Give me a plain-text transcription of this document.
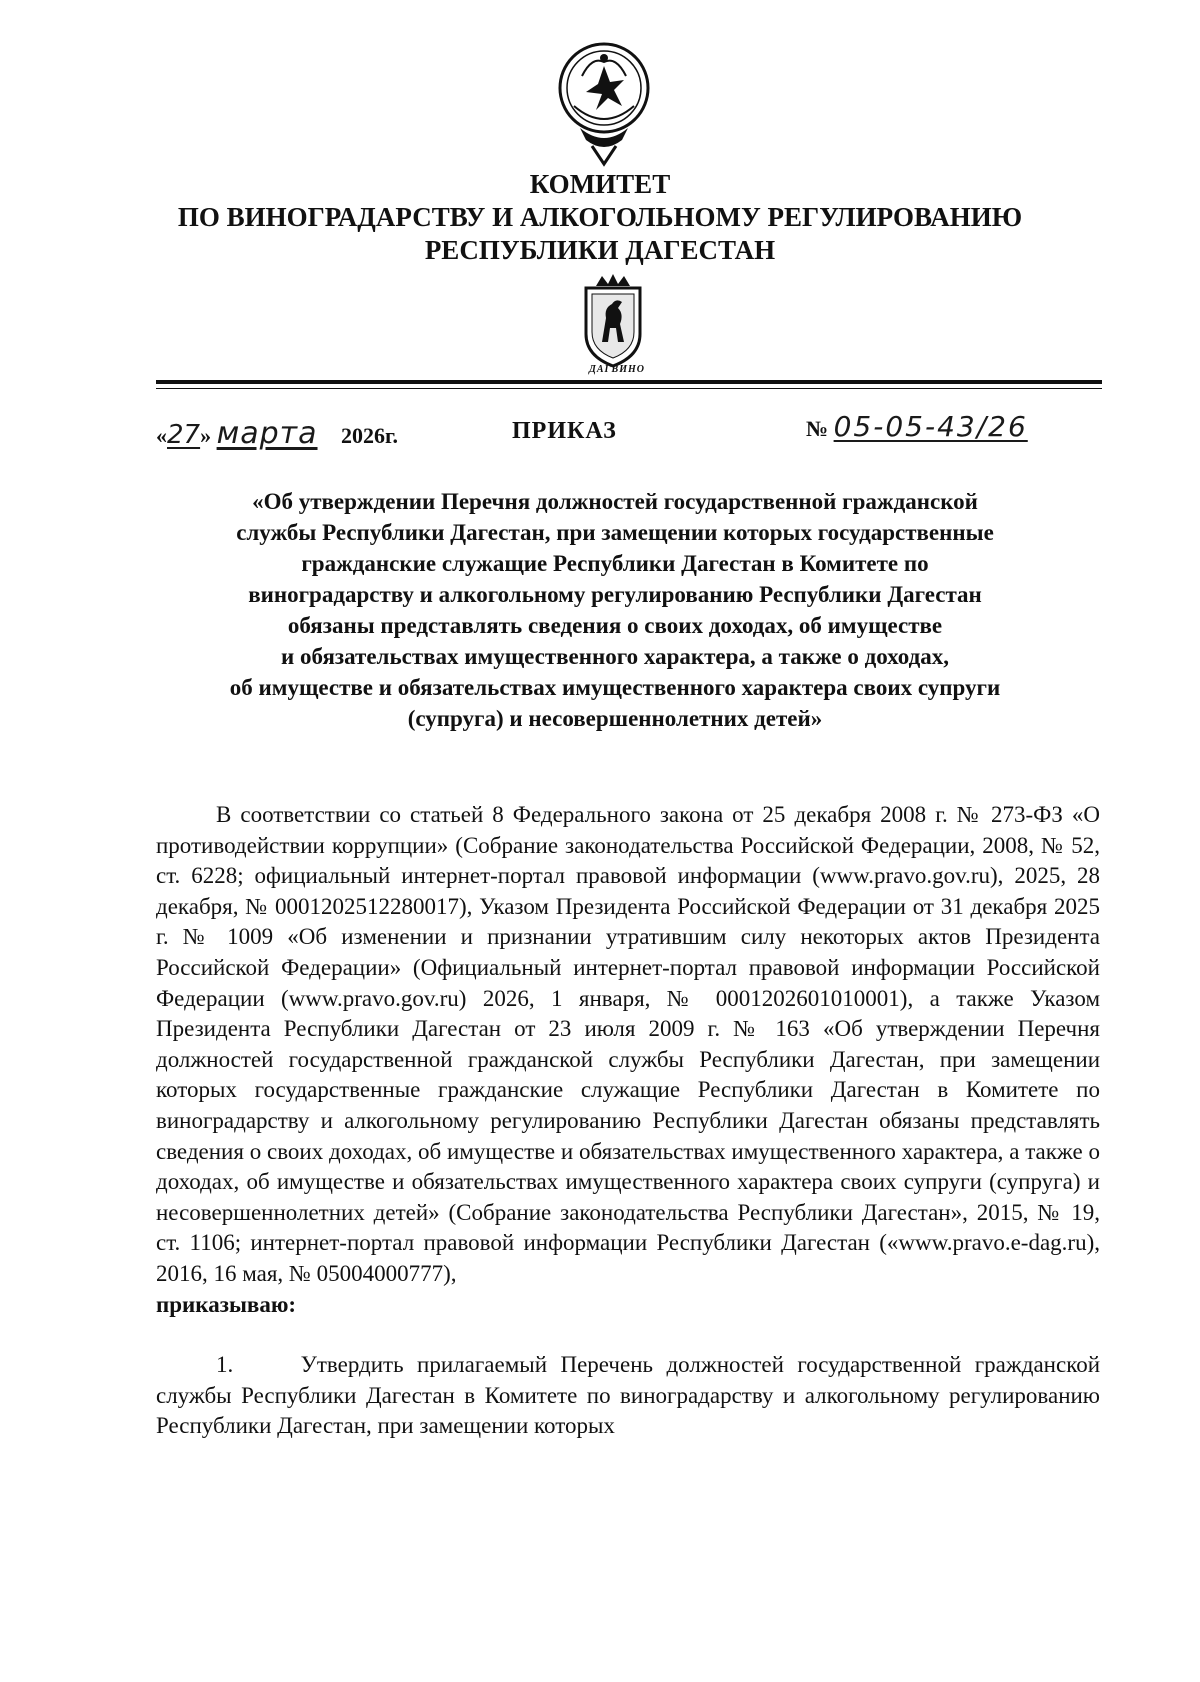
КОМИТЕТ
ПО ВИНОГРАДАРСТВУ И АЛКОГОЛЬНОМУ РЕГУЛИРОВАНИЮ
РЕСПУБЛИКИ ДАГЕСТАН
ДАГВИНО
«27» марта 2026г.	ПРИКАЗ	№ 05-05-43/26
«Об утверждении Перечня должностей государственной гражданской
службы Республики Дагестан, при замещении которых государственные
гражданские служащие Республики Дагестан в Комитете по
виноградарству и алкогольному регулированию Республики Дагестан
обязаны представлять сведения о своих доходах, об имуществе
и обязательствах имущественного характера, а также о доходах,
об имуществе и обязательствах имущественного характера своих супруги
(супруга) и несовершеннолетних детей»

В соответствии со статьей 8 Федерального закона от 25 декабря 2008 г. № 273-ФЗ «О противодействии коррупции» (Собрание законодательства Российской Федерации, 2008, № 52, ст. 6228; официальный интернет-портал правовой информации (www.pravo.gov.ru), 2025, 28 декабря, № 0001202512280017), Указом Президента Российской Федерации от 31 декабря 2025 г. № 1009 «Об изменении и признании утратившим силу некоторых актов Президента Российской Федерации» (Официальный интернет-портал правовой информации Российской Федерации (www.pravo.gov.ru) 2026, 1 января, № 0001202601010001), а также Указом Президента Республики Дагестан от 23 июля 2009 г. № 163 «Об утверждении Перечня должностей государственной гражданской службы Республики Дагестан, при замещении которых государственные гражданские служащие Республики Дагестан в Комитете по виноградарству и алкогольному регулированию Республики Дагестан обязаны представлять сведения о своих доходах, об имуществе и обязательствах имущественного характера, а также о доходах, об имуществе и обязательствах имущественного характера своих супруги (супруга) и несовершеннолетних детей» (Собрание законодательства Республики Дагестан», 2015, № 19, ст. 1106; интернет-портал правовой информации Республики Дагестан («www.pravo.e-dag.ru), 2016, 16 мая, № 05004000777),

приказываю:

1.	Утвердить прилагаемый Перечень должностей государственной гражданской службы Республики Дагестан в Комитете по виноградарству и алкогольному регулированию Республики Дагестан, при замещении которых
